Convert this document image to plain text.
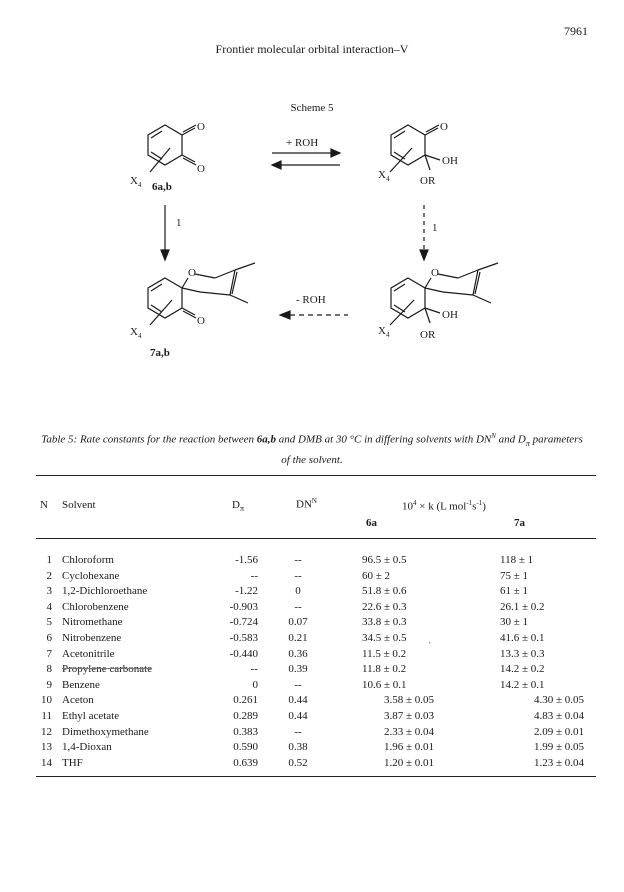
7961
Frontier molecular orbital interaction–V
Scheme 5
O
O
X 4 6a,b
+ ROH
O
OH
X 4	OR
1	1
O
O
X 4
7a,b
- ROH
O
OH
X 4	OR
Table 5: Rate constants for the reaction between 6a,b and DMB at 30 °C in differing solvents with $DN^N$ and $D_\pi$ parameters of the solvent.
N Solvent	$D_\pi$	$DN^N$	$10^4 \times k$ (L $mol^{-1}s^{-1}$)
6a	7a
1 Chloroform	-1.56	--	96.5 ± 0.5	118 ± 1
2 Cyclohexane	--	--	60 ± 2	75 ± 1
3 1,2-Dichloroethane	-1.22	0	51.8 ± 0.6	61 ± 1
4 Chlorobenzene	-0.903	--	22.6 ± 0.3	26.1 ± 0.2
5 Nitromethane	-0.724	0.07	33.8 ± 0.3	30 ± 1
6 Nitrobenzene	-0.583	0.21	34.5 ± 0.5	41.6 ± 0.1
ˌ
7 Acetonitrile	-0.440	0.36	11.5 ± 0.2	13.3 ± 0.3
8 Propylene carbonate	--	0.39	11.8 ± 0.2	14.2 ± 0.2
9 Benzene	0	--	10.6 ± 0.1	14.2 ± 0.1
10 Aceton	0.261	0.44	3.58 ± 0.05	4.30 ± 0.05
11 Ethyl acetate	0.289	0.44	3.87 ± 0.03	4.83 ± 0.04
12 Dimethoxymethane	0.383	--	2.33 ± 0.04	2.09 ± 0.01
13 1,4-Dioxan	0.590	0.38	1.96 ± 0.01	1.99 ± 0.05
14 THF	0.639	0.52	1.20 ± 0.01	1.23 ± 0.04
